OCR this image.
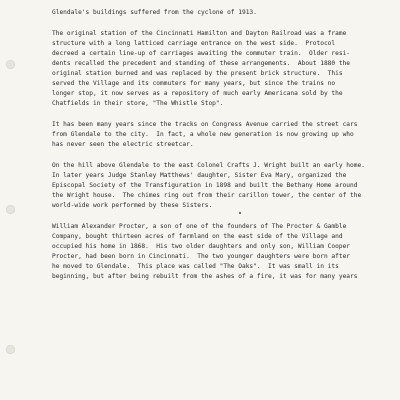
Glendale's buildings suffered from the cyclone of 1913.
The original station of the Cincinnati Hamilton and Dayton Railroad was a frame
structure with a long latticed carriage entrance on the west side.  Protocol
decreed a certain line-up of carriages awaiting the commuter train.  Older resi-
dents recalled the precedent and standing of these arrangements.  About 1880 the
original station burned and was replaced by the present brick structure.  This
served the Village and its commuters for many years, but since the trains no
longer stop, it now serves as a repository of much early Americana sold by the
Chatfields in their store, "The Whistle Stop".
It has been many years since the tracks on Congress Avenue carried the street cars
from Glendale to the city.  In fact, a whole new generation is now growing up who
has never seen the electric streetcar.
On the hill above Glendale to the east Colonel Crafts J. Wright built an early home.
In later years Judge Stanley Matthews' daughter, Sister Eva Mary, organized the
Episcopal Society of the Transfiguration in 1898 and built the Bethany Home around
the Wright house.  The chimes ring out from their carillon tower, the center of the
world-wide work performed by these Sisters.
William Alexander Procter, a son of one of the founders of The Procter & Gamble
Company, bought thirteen acres of farmland on the east side of the Village and
occupied his home in 1868.  His two older daughters and only son, William Cooper
Procter, had been born in Cincinnati.  The two younger daughters were born after
he moved to Glendale.  This place was called "The Oaks".  It was small in its
beginning, but after being rebuilt from the ashes of a fire, it was for many years
